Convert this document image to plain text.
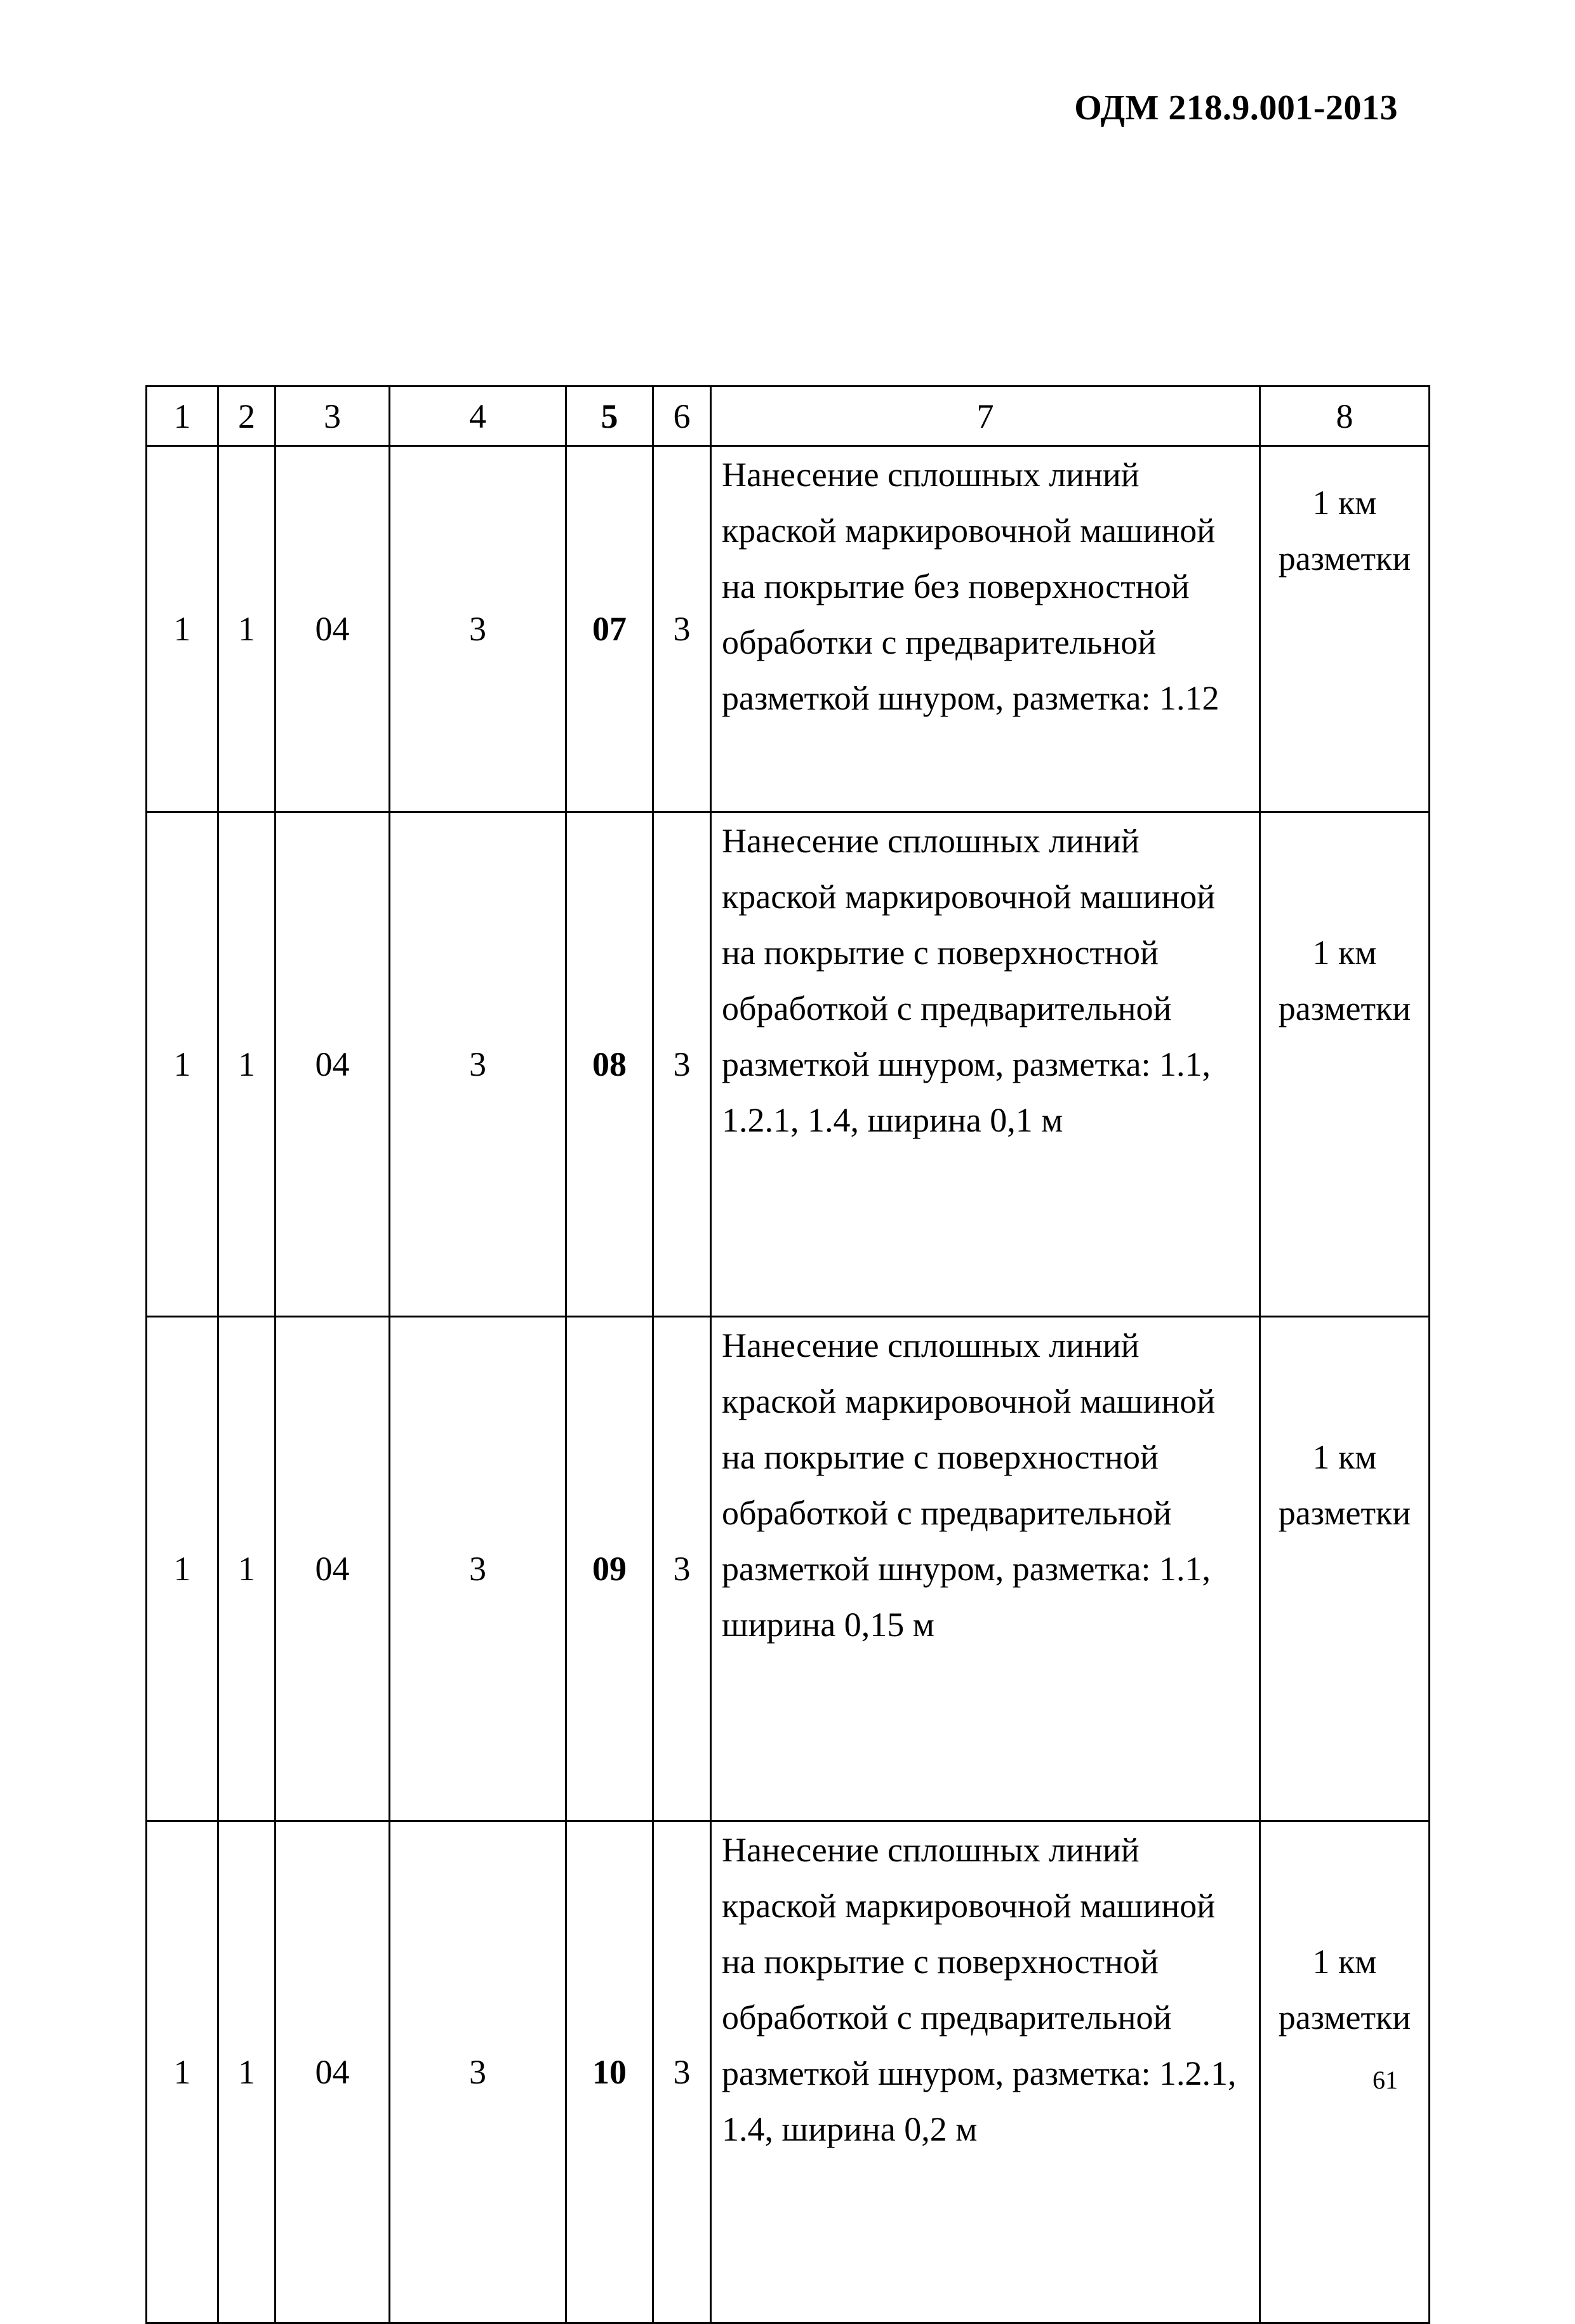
ОДМ 218.9.001-2013
1	2	3	4	5	6	7	8
1	1	04	3	07	3	Нанесение сплошных линий краской маркировочной машиной на покрытие без поверхностной обработки с предварительной разметкой шнуром, разметка: 1.12	1 км
разметки

1	1	04	3	08	3	Нанесение сплошных линий краской маркировочной машиной на покрытие с поверхностной обработкой с предварительной разметкой шнуром, разметка: 1.1, 1.2.1, 1.4, ширина 0,1 м	1 км
разметки

1	1	04	3	09	3	Нанесение сплошных линий краской маркировочной машиной на покрытие с поверхностной обработкой с предварительной разметкой шнуром, разметка: 1.1, ширина 0,15 м	1 км
разметки

1	1	04	3	10	3	Нанесение сплошных линий краской маркировочной машиной на покрытие с поверхностной обработкой с предварительной разметкой шнуром, разметка: 1.2.1, 1.4, ширина 0,2 м	1 км
разметки
61
